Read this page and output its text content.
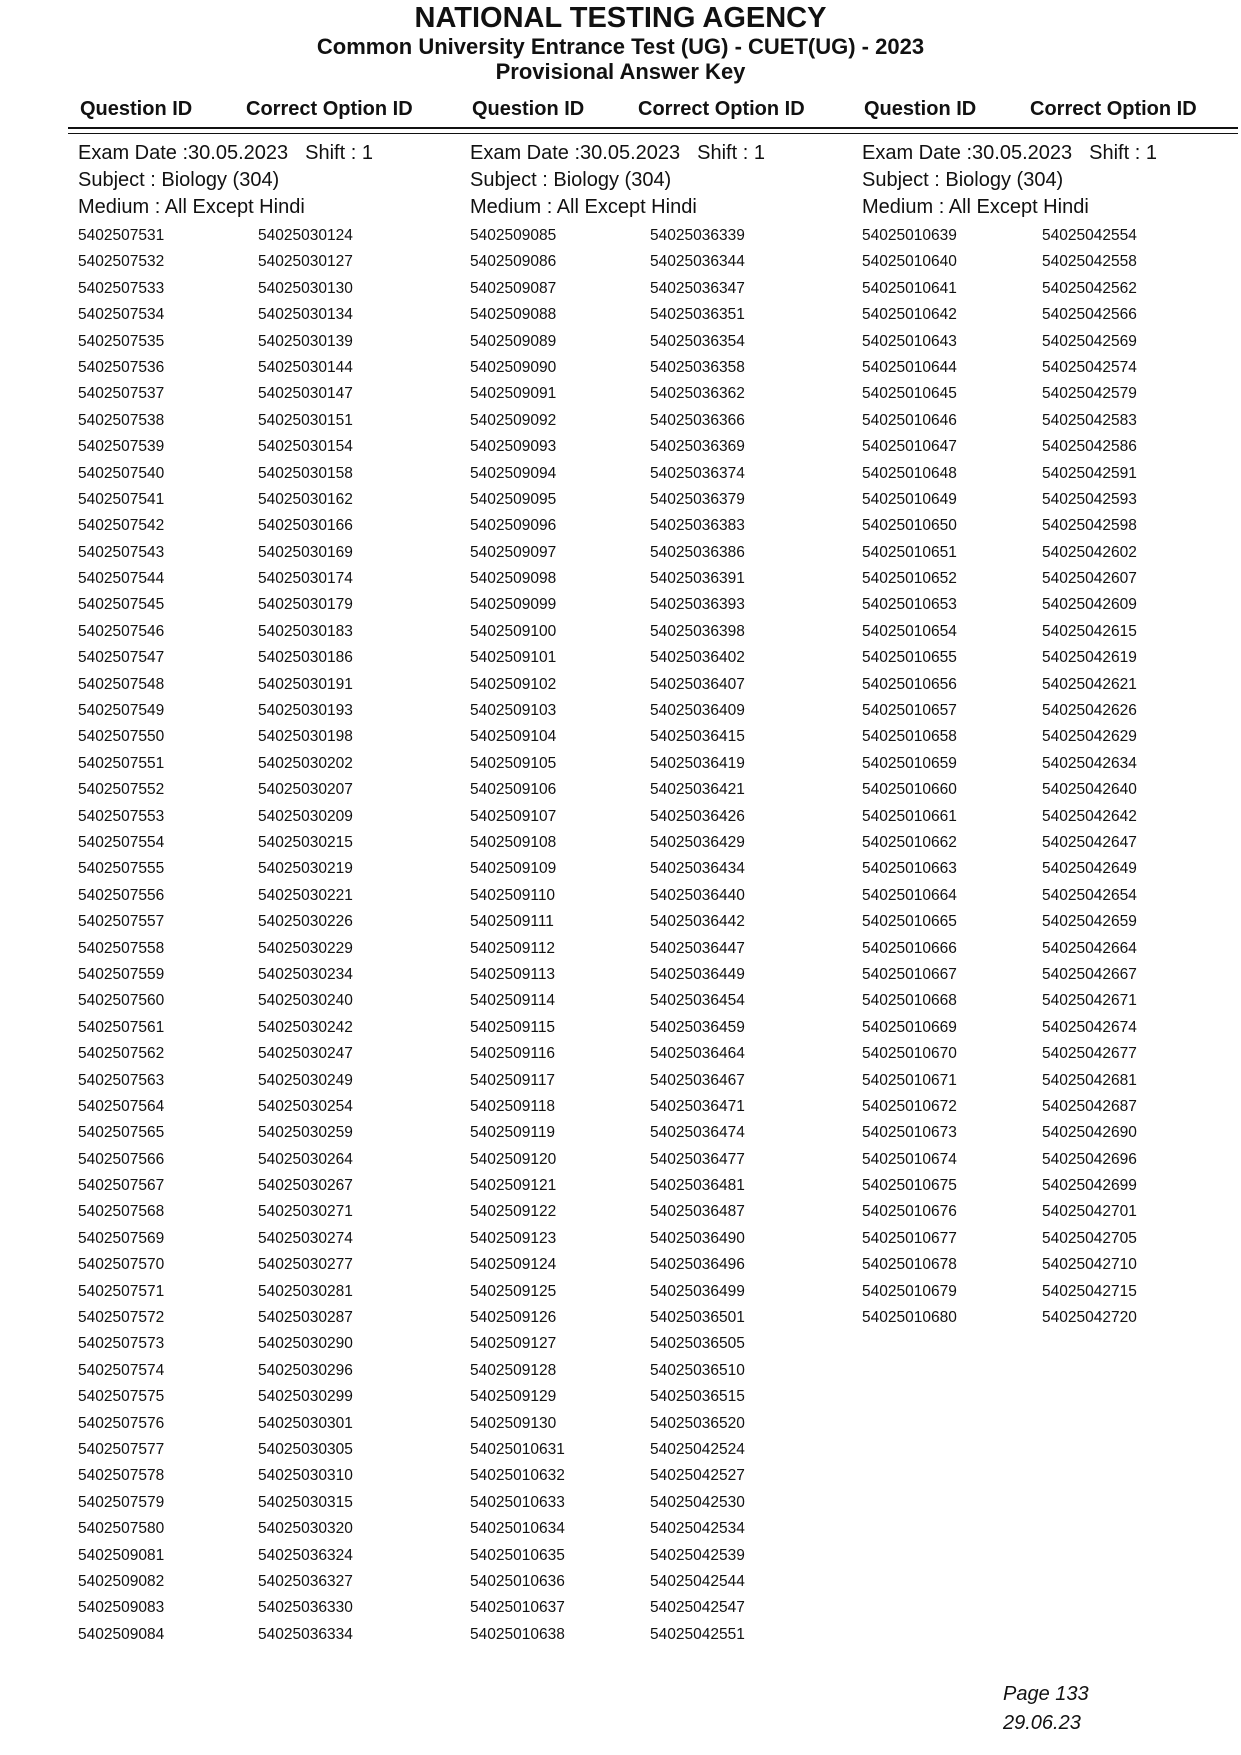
NATIONAL TESTING AGENCY
Common University Entrance Test (UG) - CUET(UG) - 2023
Provisional Answer Key
Question ID	Correct Option ID	Question ID	Correct Option ID	Question ID	Correct Option ID
Exam Date :30.05.2023 Shift : 1
Subject : Biology (304)
Medium : All Except Hindi
5402507531	54025030124
5402507532	54025030127
5402507533	54025030130
5402507534	54025030134
5402507535	54025030139
5402507536	54025030144
5402507537	54025030147
5402507538	54025030151
5402507539	54025030154
5402507540	54025030158
5402507541	54025030162
5402507542	54025030166
5402507543	54025030169
5402507544	54025030174
5402507545	54025030179
5402507546	54025030183
5402507547	54025030186
5402507548	54025030191
5402507549	54025030193
5402507550	54025030198
5402507551	54025030202
5402507552	54025030207
5402507553	54025030209
5402507554	54025030215
5402507555	54025030219
5402507556	54025030221
5402507557	54025030226
5402507558	54025030229
5402507559	54025030234
5402507560	54025030240
5402507561	54025030242
5402507562	54025030247
5402507563	54025030249
5402507564	54025030254
5402507565	54025030259
5402507566	54025030264
5402507567	54025030267
5402507568	54025030271
5402507569	54025030274
5402507570	54025030277
5402507571	54025030281
5402507572	54025030287
5402507573	54025030290
5402507574	54025030296
5402507575	54025030299
5402507576	54025030301
5402507577	54025030305
5402507578	54025030310
5402507579	54025030315
5402507580	54025030320
5402509081	54025036324
5402509082	54025036327
5402509083	54025036330
5402509084	54025036334
Exam Date :30.05.2023 Shift : 1
Subject : Biology (304)
Medium : All Except Hindi
5402509085	54025036339
5402509086	54025036344
5402509087	54025036347
5402509088	54025036351
5402509089	54025036354
5402509090	54025036358
5402509091	54025036362
5402509092	54025036366
5402509093	54025036369
5402509094	54025036374
5402509095	54025036379
5402509096	54025036383
5402509097	54025036386
5402509098	54025036391
5402509099	54025036393
5402509100	54025036398
5402509101	54025036402
5402509102	54025036407
5402509103	54025036409
5402509104	54025036415
5402509105	54025036419
5402509106	54025036421
5402509107	54025036426
5402509108	54025036429
5402509109	54025036434
5402509110	54025036440
5402509111	54025036442
5402509112	54025036447
5402509113	54025036449
5402509114	54025036454
5402509115	54025036459
5402509116	54025036464
5402509117	54025036467
5402509118	54025036471
5402509119	54025036474
5402509120	54025036477
5402509121	54025036481
5402509122	54025036487
5402509123	54025036490
5402509124	54025036496
5402509125	54025036499
5402509126	54025036501
5402509127	54025036505
5402509128	54025036510
5402509129	54025036515
5402509130	54025036520
54025010631	54025042524
54025010632	54025042527
54025010633	54025042530
54025010634	54025042534
54025010635	54025042539
54025010636	54025042544
54025010637	54025042547
54025010638	54025042551
Exam Date :30.05.2023 Shift : 1
Subject : Biology (304)
Medium : All Except Hindi
54025010639	54025042554
54025010640	54025042558
54025010641	54025042562
54025010642	54025042566
54025010643	54025042569
54025010644	54025042574
54025010645	54025042579
54025010646	54025042583
54025010647	54025042586
54025010648	54025042591
54025010649	54025042593
54025010650	54025042598
54025010651	54025042602
54025010652	54025042607
54025010653	54025042609
54025010654	54025042615
54025010655	54025042619
54025010656	54025042621
54025010657	54025042626
54025010658	54025042629
54025010659	54025042634
54025010660	54025042640
54025010661	54025042642
54025010662	54025042647
54025010663	54025042649
54025010664	54025042654
54025010665	54025042659
54025010666	54025042664
54025010667	54025042667
54025010668	54025042671
54025010669	54025042674
54025010670	54025042677
54025010671	54025042681
54025010672	54025042687
54025010673	54025042690
54025010674	54025042696
54025010675	54025042699
54025010676	54025042701
54025010677	54025042705
54025010678	54025042710
54025010679	54025042715
54025010680	54025042720
Page 133
29.06.23
